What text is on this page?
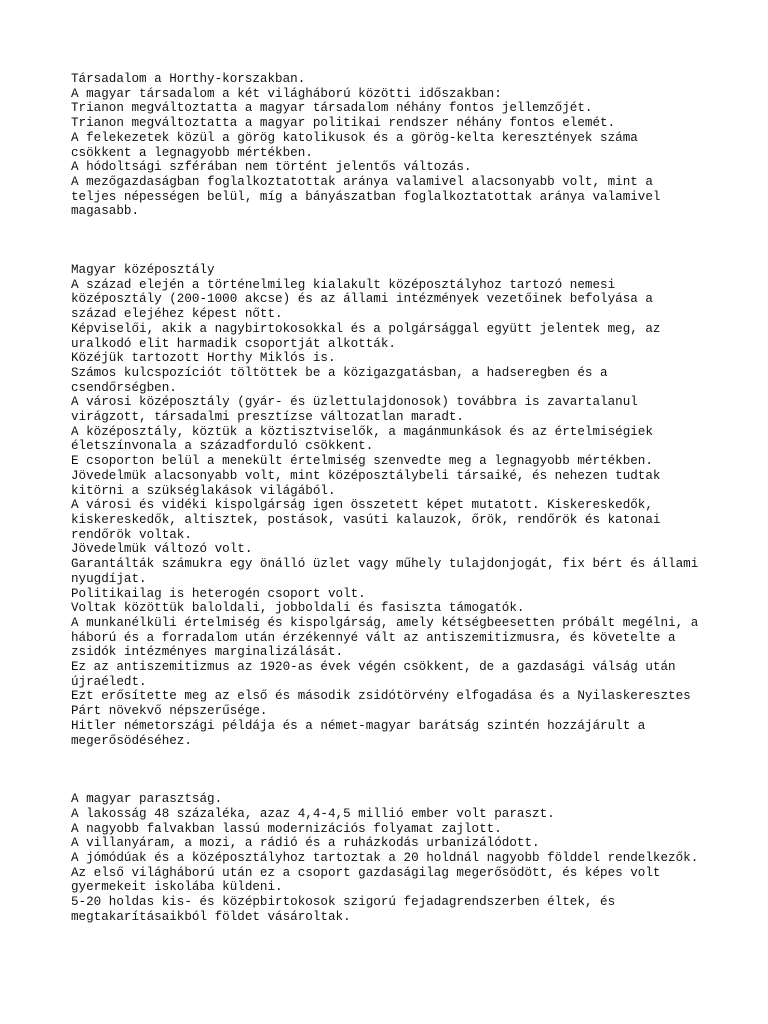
Társadalom a Horthy-korszakban.
A magyar társadalom a két világháború közötti időszakban:
Trianon megváltoztatta a magyar társadalom néhány fontos jellemzőjét.
Trianon megváltoztatta a magyar politikai rendszer néhány fontos elemét.
A felekezetek közül a görög katolikusok és a görög-kelta keresztények száma
csökkent a legnagyobb mértékben.
A hódoltsági szférában nem történt jelentős változás.
A mezőgazdaságban foglalkoztatottak aránya valamivel alacsonyabb volt, mint a
teljes népességen belül, míg a bányászatban foglalkoztatottak aránya valamivel
magasabb.
Magyar középosztály
A század elején a történelmileg kialakult középosztályhoz tartozó nemesi
középosztály (200-1000 akcse) és az állami intézmények vezetőinek befolyása a
század elejéhez képest nőtt.
Képviselői, akik a nagybirtokosokkal és a polgársággal együtt jelentek meg, az
uralkodó elit harmadik csoportját alkották.
Közéjük tartozott Horthy Miklós is.
Számos kulcspozíciót töltöttek be a közigazgatásban, a hadseregben és a
csendőrségben.
A városi középosztály (gyár- és üzlettulajdonosok) továbbra is zavartalanul
virágzott, társadalmi presztízse változatlan maradt.
A középosztály, köztük a köztisztviselők, a magánmunkások és az értelmiségiek
életszínvonala a századforduló csökkent.
E csoporton belül a menekült értelmiség szenvedte meg a legnagyobb mértékben.
Jövedelmük alacsonyabb volt, mint középosztálybeli társaiké, és nehezen tudtak
kitörni a szükséglakások világából.
A városi és vidéki kispolgárság igen összetett képet mutatott. Kiskereskedők,
kiskereskedők, altisztek, postások, vasúti kalauzok, őrök, rendőrök és katonai
rendőrök voltak.
Jövedelmük változó volt.
Garantálták számukra egy önálló üzlet vagy műhely tulajdonjogát, fix bért és állami
nyugdíjat.
Politikailag is heterogén csoport volt.
Voltak közöttük baloldali, jobboldali és fasiszta támogatók.
A munkanélküli értelmiség és kispolgárság, amely kétségbeesetten próbált megélni, a
háború és a forradalom után érzékennyé vált az antiszemitizmusra, és követelte a
zsidók intézményes marginalizálását.
Ez az antiszemitizmus az 1920-as évek végén csökkent, de a gazdasági válság után
újraéledt.
Ezt erősítette meg az első és második zsidótörvény elfogadása és a Nyilaskeresztes
Párt növekvő népszerűsége.
Hitler németországi példája és a német-magyar barátság szintén hozzájárult a
megerősödéséhez.
A magyar parasztság.
A lakosság 48 százaléka, azaz 4,4-4,5 millió ember volt paraszt.
A nagyobb falvakban lassú modernizációs folyamat zajlott.
A villanyáram, a mozi, a rádió és a ruházkodás urbanizálódott.
A jómódúak és a középosztályhoz tartoztak a 20 holdnál nagyobb földdel rendelkezők.
Az első világháború után ez a csoport gazdaságilag megerősödött, és képes volt
gyermekeit iskolába küldeni.
5-20 holdas kis- és középbirtokosok szigorú fejadagrendszerben éltek, és
megtakarításaikból földet vásároltak.
